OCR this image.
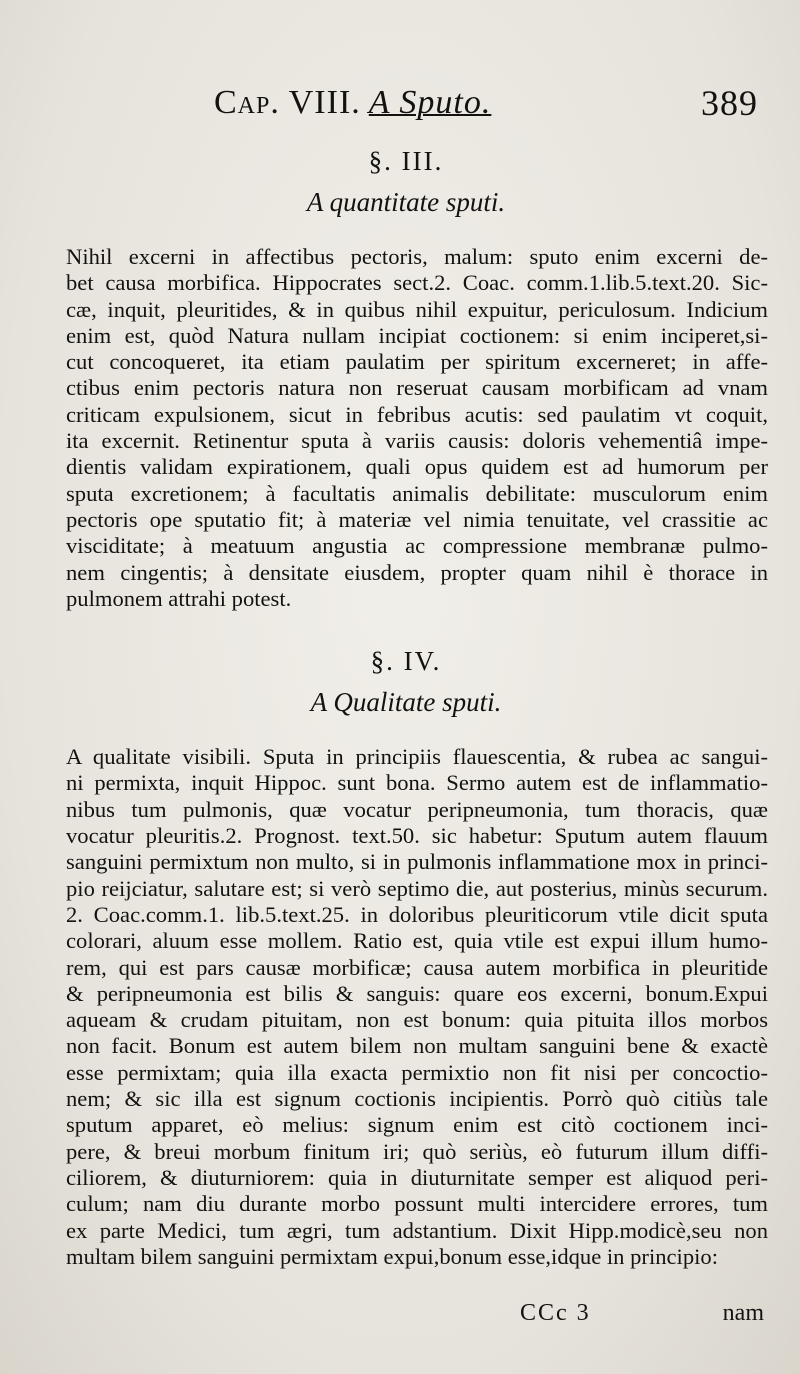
Cap. VIII. A Sputo.	389
§. III.
A quantitate sputi.
Nihil excerni in affectibus pectoris, malum: sputo enim excerni de-
bet causa morbifica. Hippocrates sect.2. Coac. comm.1.lib.5.text.20. Sic-
cæ, inquit, pleuritides, & in quibus nihil expuitur, periculosum. Indicium
enim est, quòd Natura nullam incipiat coctionem: si enim inciperet,si-
cut concoqueret, ita etiam paulatim per spiritum excerneret; in affe-
ctibus enim pectoris natura non reseruat causam morbificam ad vnam
criticam expulsionem, sicut in febribus acutis: sed paulatim vt coquit,
ita excernit. Retinentur sputa à variis causis: doloris vehementiâ impe-
dientis validam expirationem, quali opus quidem est ad humorum per
sputa excretionem; à facultatis animalis debilitate: musculorum enim
pectoris ope sputatio fit; à materiæ vel nimia tenuitate, vel crassitie ac
visciditate; à meatuum angustia ac compressione membranæ pulmo-
nem cingentis; à densitate eiusdem, propter quam nihil è thorace in
pulmonem attrahi potest.
§. IV.
A Qualitate sputi.
A qualitate visibili. Sputa in principiis flauescentia, & rubea ac sangui-
ni permixta, inquit Hippoc. sunt bona. Sermo autem est de inflammatio-
nibus tum pulmonis, quæ vocatur peripneumonia, tum thoracis, quæ
vocatur pleuritis.2. Prognost. text.50. sic habetur: Sputum autem flauum
sanguini permixtum non multo, si in pulmonis inflammatione mox in princi-
pio reijciatur, salutare est; si verò septimo die, aut posterius, minùs securum.
2. Coac.comm.1. lib.5.text.25. in doloribus pleuriticorum vtile dicit sputa
colorari, aluum esse mollem. Ratio est, quia vtile est expui illum humo-
rem, qui est pars causæ morbificæ; causa autem morbifica in pleuritide
& peripneumonia est bilis & sanguis: quare eos excerni, bonum.Expui
aqueam & crudam pituitam, non est bonum: quia pituita illos morbos
non facit. Bonum est autem bilem non multam sanguini bene & exactè
esse permixtam; quia illa exacta permixtio non fit nisi per concoctio-
nem; & sic illa est signum coctionis incipientis. Porrò quò citiùs tale
sputum apparet, eò melius: signum enim est citò coctionem inci-
pere, & breui morbum finitum iri; quò seriùs, eò futurum illum diffi-
ciliorem, & diuturniorem: quia in diuturnitate semper est aliquod peri-
culum; nam diu durante morbo possunt multi intercidere errores, tum
ex parte Medici, tum ægri, tum adstantium. Dixit Hipp.modicè,seu non
multam bilem sanguini permixtam expui,bonum esse,idque in principio:
CCc 3	nam
